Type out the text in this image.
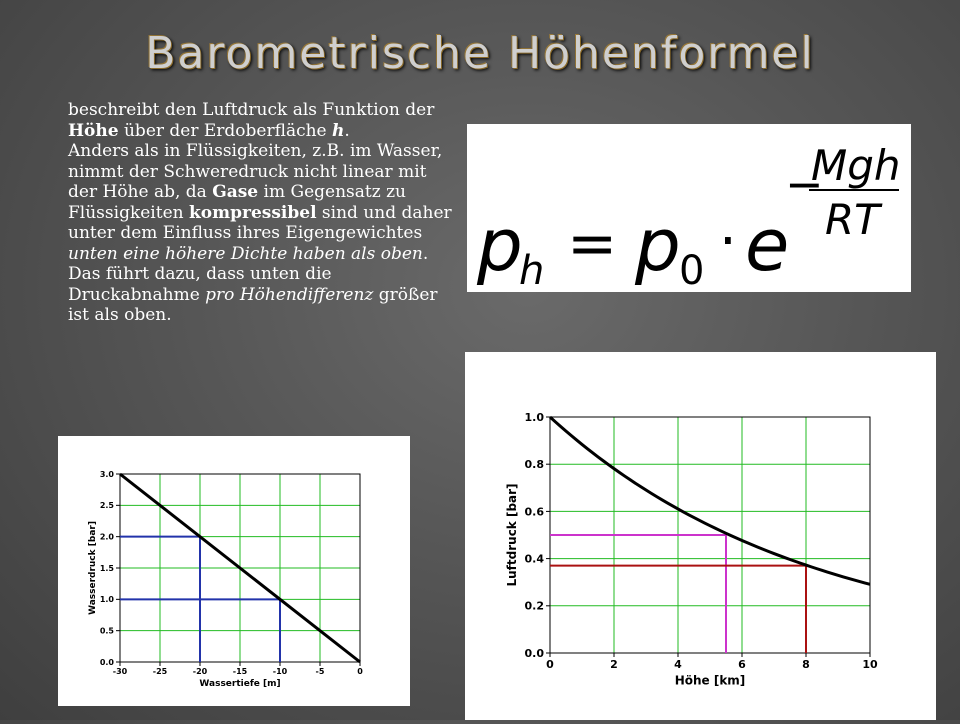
Barometrische Höhenformel
beschreibt den Luftdruck als Funktion der Höhe über der Erdoberfläche h.
Anders als in Flüssigkeiten, z.B. im Wasser, nimmt der Schweredruck nicht linear mit der Höhe ab, da Gase im Gegensatz zu Flüssigkeiten kompressibel sind und daher unter dem Einfluss ihres Eigengewichtes unten eine höhere Dichte haben als oben. Das führt dazu, dass unten die Druckabnahme pro Höhendifferenz größer ist als oben.
p
h = p
0 · e
−
Mgh
RT
-30	-25	-20	-15	-10	-5	0
0.0
0.5
1.0
1.5
2.0
2.5
3.0
Wassertiefe [m]
Wasserdruck [bar]
0	2	4	6	8	10
0.0
0.2
0.4
0.6
0.8
1.0
Höhe [km]
Luftdruck [bar]
